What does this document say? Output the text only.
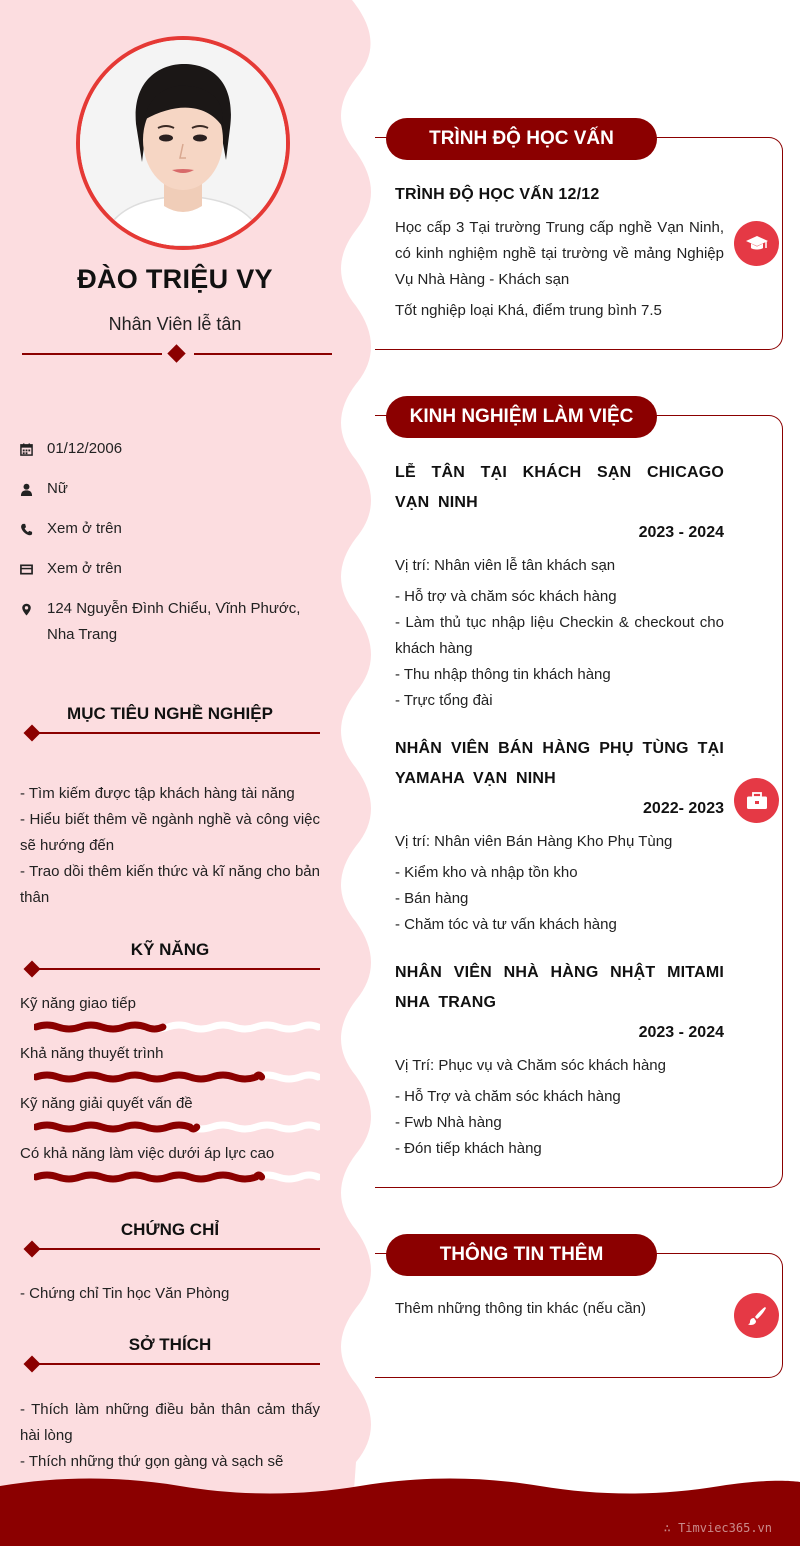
ĐÀO TRIỆU VY
Nhân Viên lễ tân
01/12/2006
Nữ
Xem ở trên
Xem ở trên
124 Nguyễn Đình Chiểu, Vĩnh Phước, Nha Trang
MỤC TIÊU NGHỀ NGHIỆP
- Tìm kiếm được tập khách hàng tài năng
- Hiểu biết thêm về ngành nghề và công việc sẽ hướng đến
- Trao dồi thêm kiến thức và kĩ năng cho bản thân
KỸ NĂNG
Kỹ năng giao tiếp
Khả năng thuyết trình
Kỹ năng giải quyết vấn đề
Có khả năng làm việc dưới áp lực cao
CHỨNG CHỈ
- Chứng chỉ Tin học Văn Phòng
SỞ THÍCH
- Thích làm những điều bản thân cảm thấy hài lòng
- Thích những thứ gọn gàng và sạch sẽ
TRÌNH ĐỘ HỌC VẤN
TRÌNH ĐỘ HỌC VẤN 12/12
Học cấp 3 Tại trường Trung cấp nghề Vạn Ninh, có kinh nghiệm nghề tại trường về mảng Nghiệp Vụ Nhà Hàng - Khách sạn
Tốt nghiệp loại Khá, điểm trung bình 7.5
KINH NGHIỆM LÀM VIỆC
LỄ TÂN TẠI KHÁCH SẠN CHICAGO VẠN NINH
2023 - 2024
Vị trí: Nhân viên lễ tân khách sạn
- Hỗ trợ và chăm sóc khách hàng
- Làm thủ tục nhập liệu Checkin & checkout cho khách hàng
- Thu nhập thông tin khách hàng
- Trực tổng đài
NHÂN VIÊN BÁN HÀNG PHỤ TÙNG TẠI YAMAHA VẠN NINH
2022- 2023
Vị trí: Nhân viên Bán Hàng Kho Phụ Tùng
- Kiểm kho và nhập tồn kho
- Bán hàng
- Chăm tóc và tư vấn khách hàng
NHÂN VIÊN NHÀ HÀNG NHẬT MITAMI NHA TRANG
2023 - 2024
Vị Trí: Phục vụ và Chăm sóc khách hàng
- Hỗ Trợ và chăm sóc khách hàng
- Fwb Nhà hàng
- Đón tiếp khách hàng
THÔNG TIN THÊM
Thêm những thông tin khác (nếu cần)
∴ Timviec365.vn
